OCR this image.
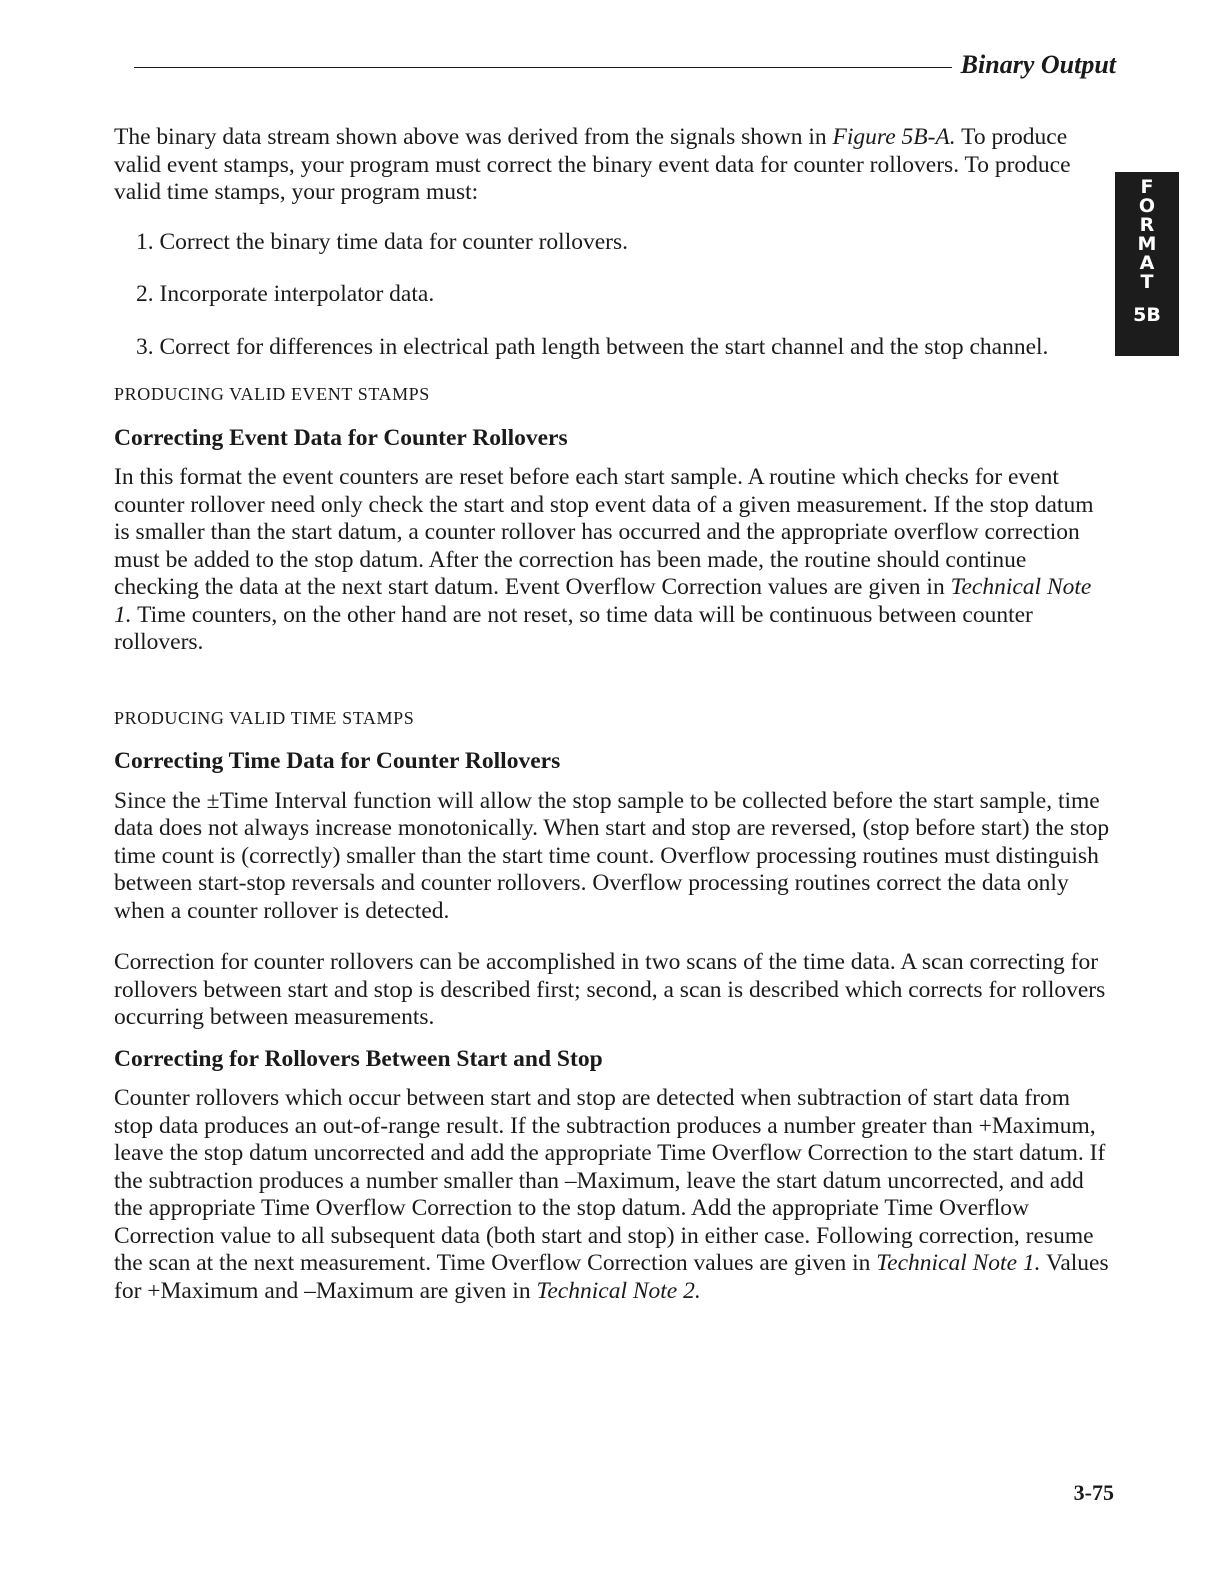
Binary Output
F
O
R
M
A
T
5B

The binary data stream shown above was derived from the signals shown in Figure 5B-A. To produce valid event stamps, your program must correct the binary event data for counter rollovers. To produce valid time stamps, your program must:

1. Correct the binary time data for counter rollovers.
2. Incorporate interpolator data.
3. Correct for differences in electrical path length between the start channel and the stop channel.
PRODUCING VALID EVENT STAMPS
Correcting Event Data for Counter Rollovers

In this format the event counters are reset before each start sample. A routine which checks for event counter rollover need only check the start and stop event data of a given measurement. If the stop datum is smaller than the start datum, a counter rollover has occurred and the appropriate overflow correction must be added to the stop datum. After the correction has been made, the routine should continue checking the data at the next start datum. Event Overflow Correction values are given in Technical Note 1. Time counters, on the other hand are not reset, so time data will be continuous between counter rollovers.

PRODUCING VALID TIME STAMPS
Correcting Time Data for Counter Rollovers

Since the ±Time Interval function will allow the stop sample to be collected before the start sample, time data does not always increase monotonically. When start and stop are reversed, (stop before start) the stop time count is (correctly) smaller than the start time count. Overflow processing routines must distinguish between start-stop reversals and counter rollovers. Overflow processing routines correct the data only when a counter rollover is detected.

Correction for counter rollovers can be accomplished in two scans of the time data. A scan correcting for rollovers between start and stop is described first; second, a scan is described which corrects for rollovers occurring between measurements.

Correcting for Rollovers Between Start and Stop

Counter rollovers which occur between start and stop are detected when subtraction of start data from stop data produces an out-of-range result. If the subtraction produces a number greater than +Maximum, leave the stop datum uncorrected and add the appropriate Time Overflow Correction to the start datum. If the subtraction produces a number smaller than –Maximum, leave the start datum uncorrected, and add the appropriate Time Overflow Correction to the stop datum. Add the appropriate Time Overflow Correction value to all subsequent data (both start and stop) in either case. Following correction, resume the scan at the next measurement. Time Overflow Correction values are given in Technical Note 1. Values for +Maximum and –Maximum are given in Technical Note 2.

3-75
